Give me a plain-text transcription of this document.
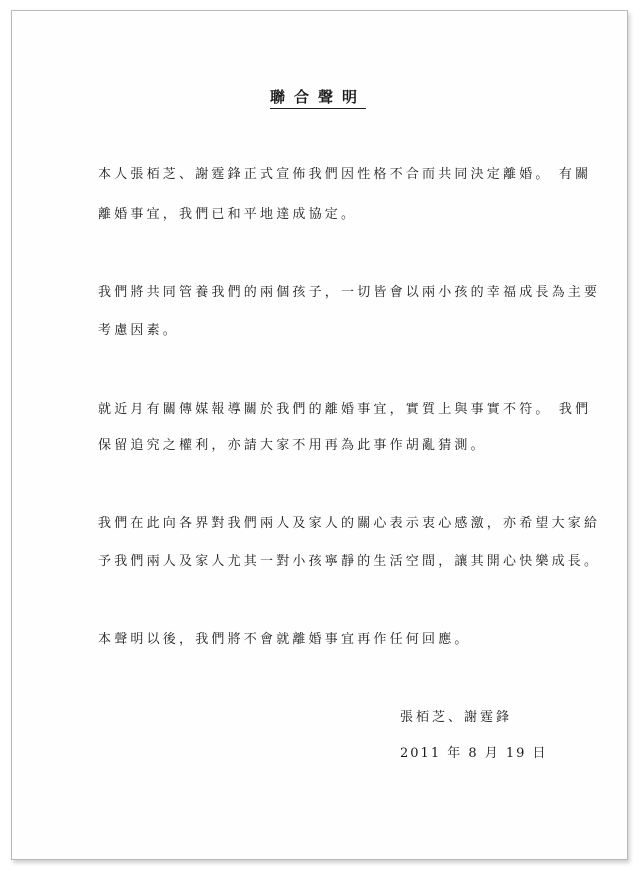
聯合聲明
本人張栢芝、謝霆鋒正式宣佈我們因性格不合而共同決定離婚。 有關
離婚事宜，我們已和平地達成協定。
我們將共同管養我們的兩個孩子，一切皆會以兩小孩的幸福成長為主要
考慮因素。
就近月有關傳媒報導關於我們的離婚事宜，實質上與事實不符。 我們
保留追究之權利，亦請大家不用再為此事作胡亂猜測。
我們在此向各界對我們兩人及家人的關心表示衷心感激，亦希望大家給
予我們兩人及家人尤其一對小孩寧靜的生活空間，讓其開心快樂成長。
本聲明以後，我們將不會就離婚事宜再作任何回應。
張栢芝、謝霆鋒
2011 年 8 月 19 日
